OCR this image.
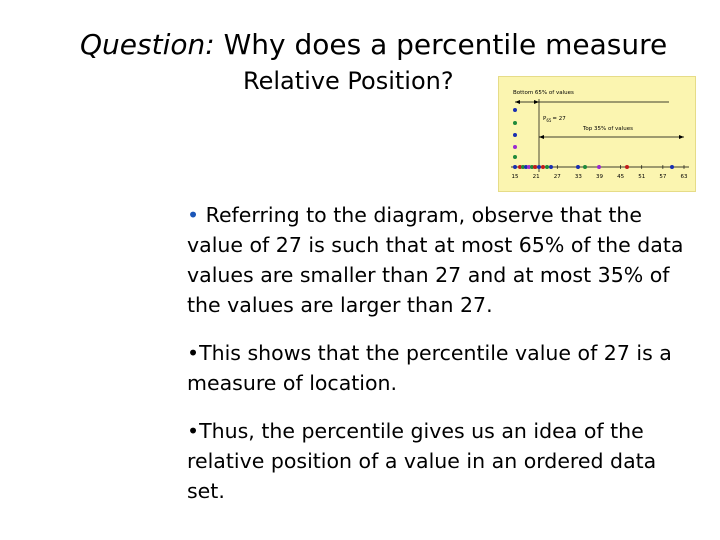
Question: Why does a percentile measure
Relative Position?	Bottom 65% of values
$P_{65}= 27$
Top 35% of values
15	21	27	33	39	45	51	57	63

• Referring to the diagram, observe that the value of 27 is such that at most 65% of the data values are smaller than 27 and at most 35% of the values are larger than 27.

•This shows that the percentile value of 27 is a measure of location.

•Thus, the percentile gives us an idea of the relative position of a value in an ordered data set.
